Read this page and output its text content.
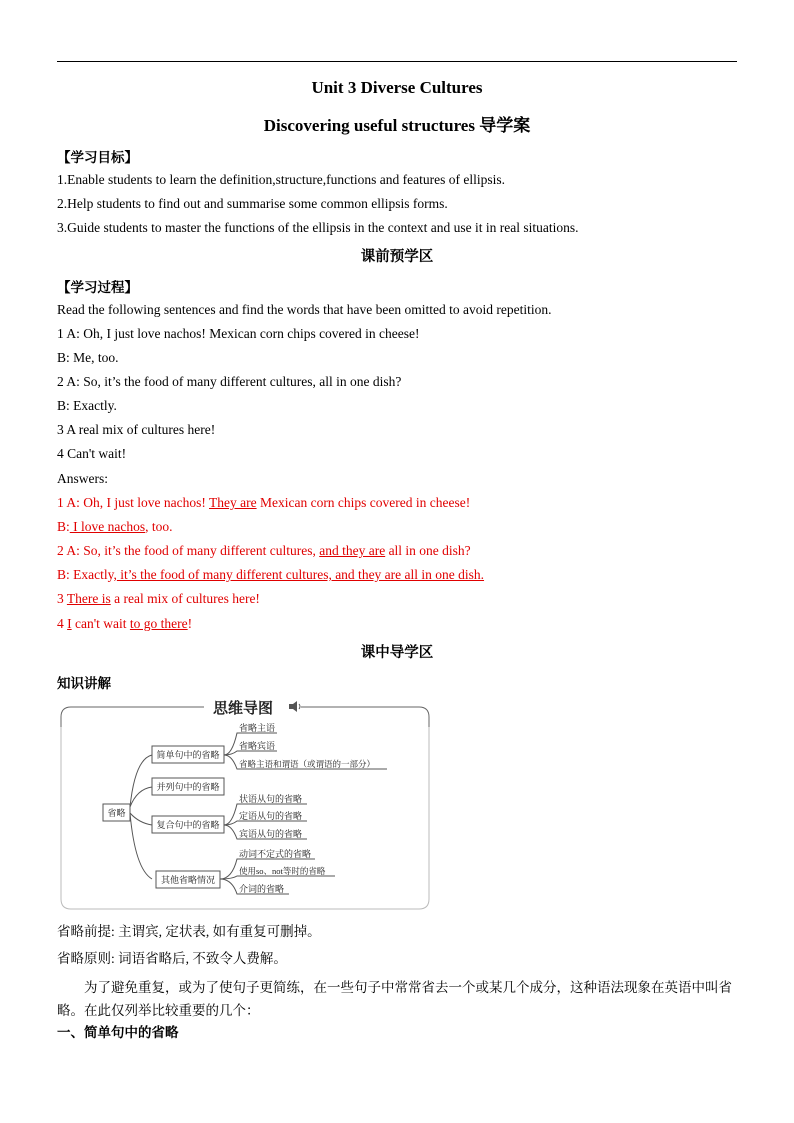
Unit 3 Diverse Cultures
Discovering useful structures 导学案
【学习目标】
1.Enable students to learn the definition,structure,functions and features of ellipsis.
2.Help students to find out and summarise some common ellipsis forms.
3.Guide students to master the functions of the ellipsis in the context and use it in real situations.
课前预学区
【学习过程】
Read the following sentences and find the words that have been omitted to avoid repetition.
1 A: Oh, I just love nachos! Mexican corn chips covered in cheese!
B: Me, too.
2 A: So, it’s the food of many different cultures, all in one dish?
B: Exactly.
3 A real mix of cultures here!
4 Can't wait!
Answers:
1 A: Oh, I just love nachos! They are Mexican corn chips covered in cheese!
B: I love nachos, too.
2 A: So, it’s the food of many different cultures, and they are all in one dish?
B: Exactly, it’s the food of many different cultures, and they are all in one dish.
3 There is a real mix of cultures here!
4 I can't wait to go there!
课中导学区
知识讲解
思维导图
省略
简单句中的省略
并列句中的省略
复合句中的省略
其他省略情况
省略主语
省略宾语
省略主语和谓语（或谓语的一部分）
状语从句的省略
定语从句的省略
宾语从句的省略
动词不定式的省略
使用so、not等时的省略
介词的省略
省略前提: 主谓宾, 定状表, 如有重复可删掉。
省略原则: 词语省略后, 不致令人费解。
为了避免重复，或为了使句子更简练，在一些句子中常常省去一个或某几个成分，这种语法现象在英语中叫省略。在此仅列举比较重要的几个：
一、简单句中的省略
